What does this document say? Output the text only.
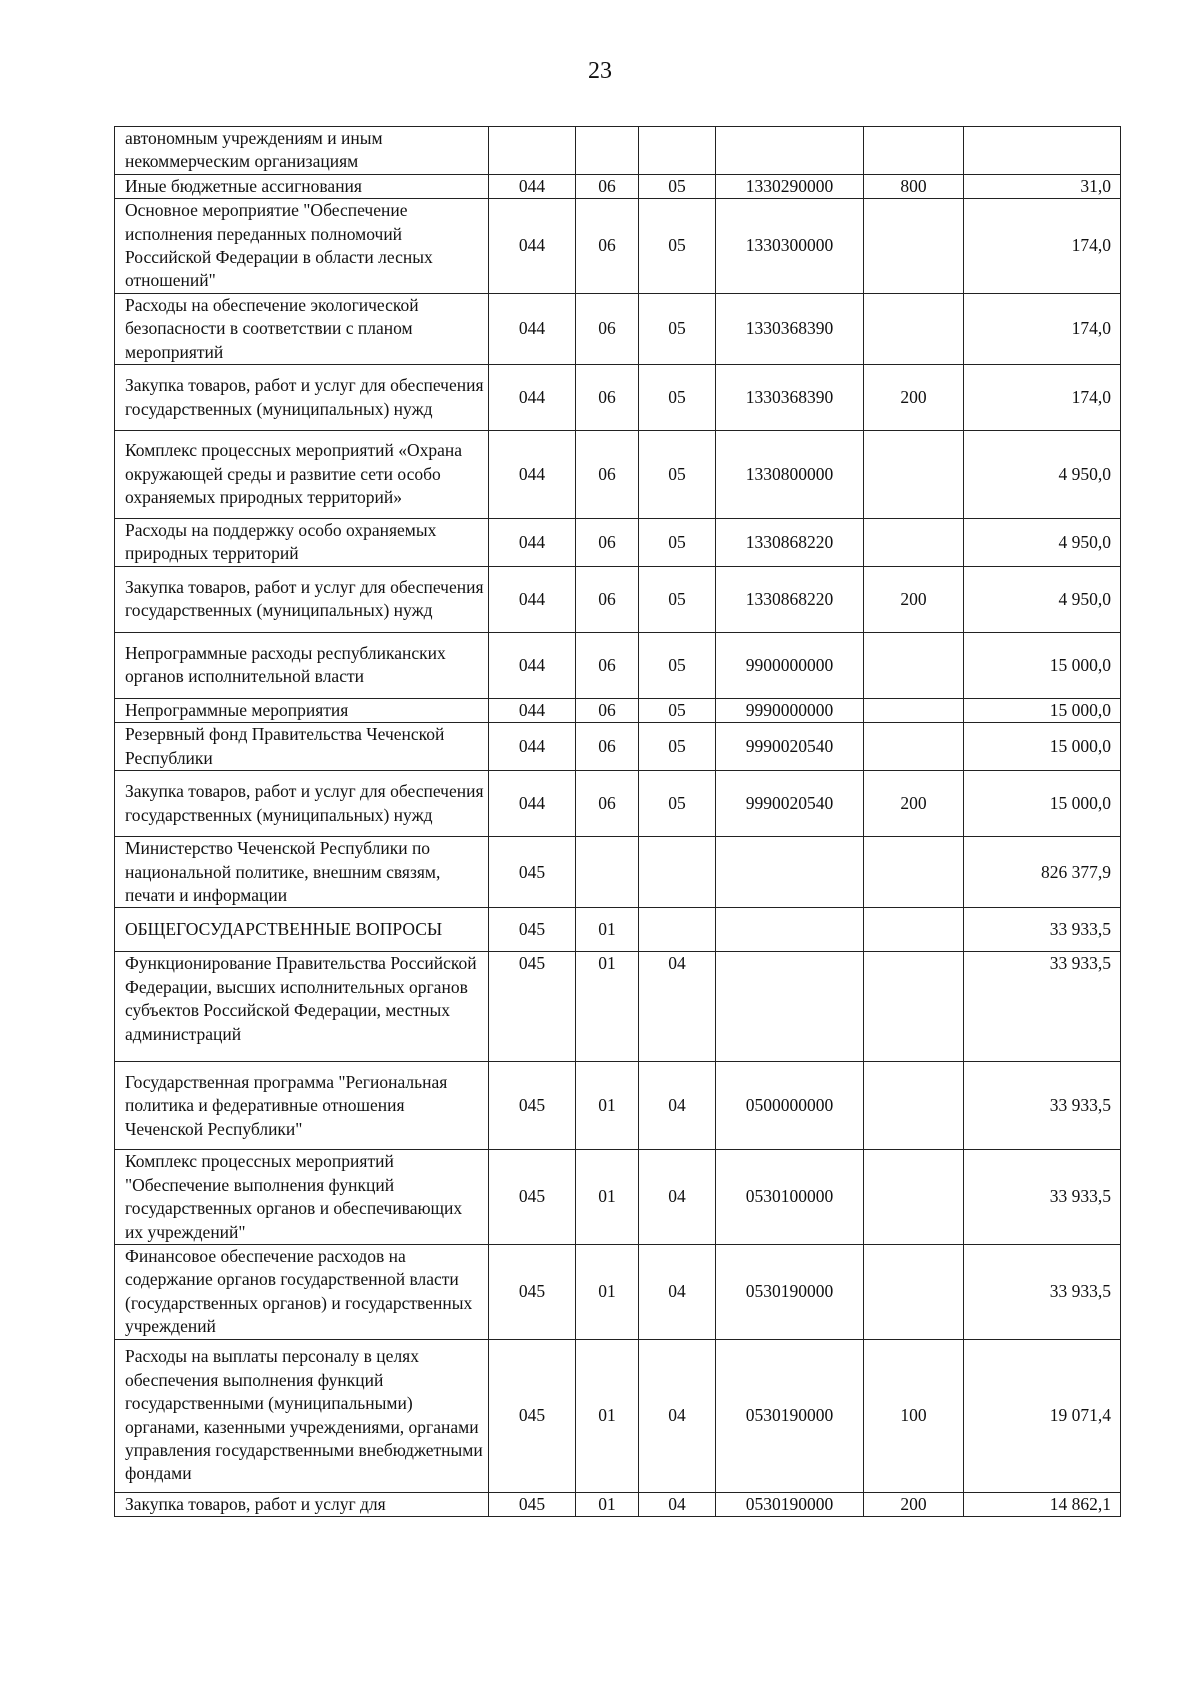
23
автономным учреждениям и иным некоммерческим организациям						
Иные бюджетные ассигнования	044	06	05	1330290000	800	31,0
Основное мероприятие "Обеспечение исполнения переданных полномочий Российской Федерации в области лесных отношений"	044	06	05	1330300000		174,0
Расходы на обеспечение экологической безопасности в соответствии с планом мероприятий	044	06	05	1330368390		174,0
Закупка товаров, работ и услуг для обеспечения государственных (муниципальных) нужд	044	06	05	1330368390	200	174,0
Комплекс процессных мероприятий «Охрана окружающей среды и развитие сети особо охраняемых природных территорий»	044	06	05	1330800000		4 950,0
Расходы на поддержку особо охраняемых природных территорий	044	06	05	1330868220		4 950,0
Закупка товаров, работ и услуг для обеспечения государственных (муниципальных) нужд	044	06	05	1330868220	200	4 950,0
Непрограммные расходы республиканских органов исполнительной власти	044	06	05	9900000000		15 000,0
Непрограммные мероприятия	044	06	05	9990000000		15 000,0
Резервный фонд Правительства Чеченской Республики	044	06	05	9990020540		15 000,0
Закупка товаров, работ и услуг для обеспечения государственных (муниципальных) нужд	044	06	05	9990020540	200	15 000,0
Министерство Чеченской Республики по национальной политике, внешним связям, печати и информации	045					826 377,9
ОБЩЕГОСУДАРСТВЕННЫЕ ВОПРОСЫ	045	01				33 933,5
Функционирование Правительства Российской Федерации, высших исполнительных органов субъектов Российской Федерации, местных администраций	045	01	04			33 933,5
Государственная программа "Региональная политика и федеративные отношения Чеченской Республики"	045	01	04	0500000000		33 933,5
Комплекс процессных мероприятий "Обеспечение выполнения функций государственных органов и обеспечивающих их учреждений"	045	01	04	0530100000		33 933,5
Финансовое обеспечение расходов на содержание органов государственной власти (государственных органов) и государственных учреждений	045	01	04	0530190000		33 933,5
Расходы на выплаты персоналу в целях обеспечения выполнения функций государственными (муниципальными) органами, казенными учреждениями, органами управления государственными внебюджетными фондами	045	01	04	0530190000	100	19 071,4
Закупка товаров, работ и услуг для	045	01	04	0530190000	200	14 862,1
